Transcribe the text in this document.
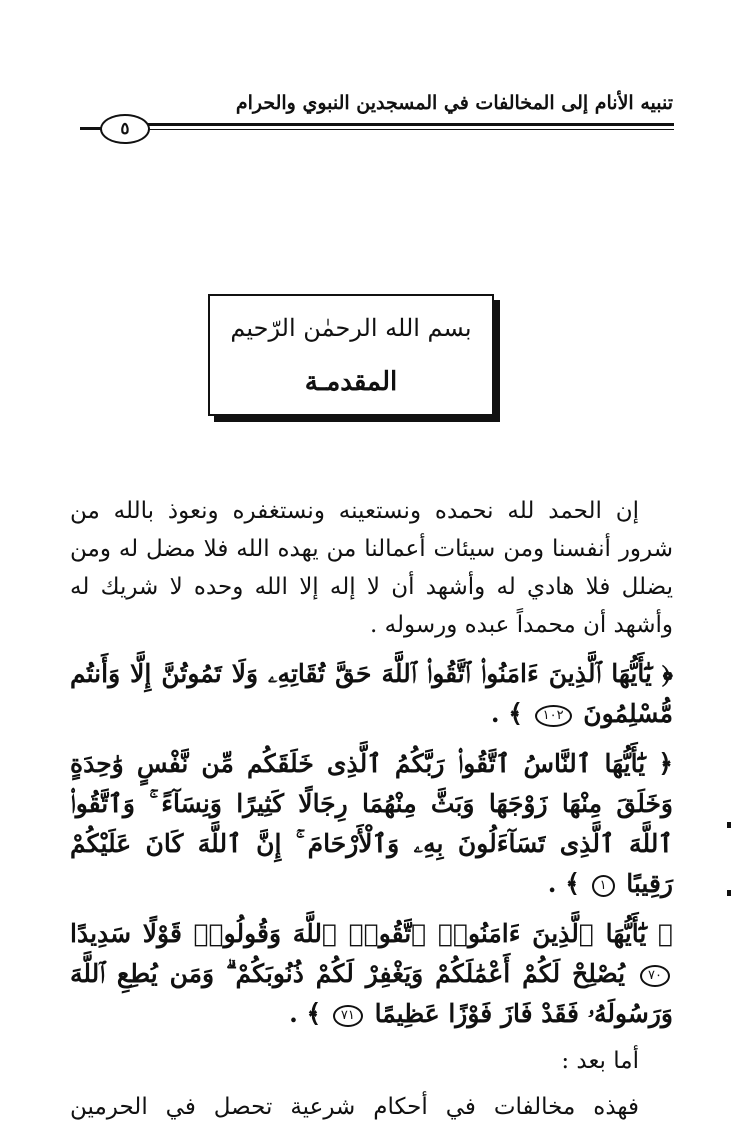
تنبيه الأنام إلى المخالفات في المسجدين النبوي والحرام
٥
بسم الله الرحمٰن الرّحيم
المقدمـة

إن الحمد لله نحمده ونستعينه ونستغفره ونعوذ بالله من شرور أنفسنا ومن سيئات أعمالنا من يهده الله فلا مضل له ومن يضلل فلا هادي له وأشهد أن لا إله إلا الله وحده لا شريك له وأشهد أن محمداً عبده ورسوله .

﴿ يَٰٓأَيُّهَا ٱلَّذِينَ ءَامَنُوا۟ ٱتَّقُوا۟ ٱللَّهَ حَقَّ تُقَاتِهِۦ وَلَا تَمُوتُنَّ إِلَّا وَأَنتُم مُّسْلِمُونَ ١٠٢ ﴾ .
﴿ يَٰٓأَيُّهَا ٱلنَّاسُ ٱتَّقُوا۟ رَبَّكُمُ ٱلَّذِى خَلَقَكُم مِّن نَّفْسٍ وَٰحِدَةٍ وَخَلَقَ مِنْهَا زَوْجَهَا وَبَثَّ مِنْهُمَا رِجَالًا كَثِيرًا وَنِسَآءً ۚ وَٱتَّقُوا۟ ٱللَّهَ ٱلَّذِى تَسَآءَلُونَ بِهِۦ وَٱلْأَرْحَامَ ۚ إِنَّ ٱللَّهَ كَانَ عَلَيْكُمْ رَقِيبًا ١ ﴾ .
﴿ يَٰٓأَيُّهَا ٱلَّذِينَ ءَامَنُوا۟ ٱتَّقُوا۟ ٱللَّهَ وَقُولُوا۟ قَوْلًا سَدِيدًا ٧٠ يُصْلِحْ لَكُمْ أَعْمَٰلَكُمْ وَيَغْفِرْ لَكُمْ ذُنُوبَكُمْ ۗ وَمَن يُطِعِ ٱللَّهَ وَرَسُولَهُۥ فَقَدْ فَازَ فَوْزًا عَظِيمًا ٧١ ﴾ .
أما بعد :
فهذه مخالفات في أحكام شرعية تحصل في الحرمين
